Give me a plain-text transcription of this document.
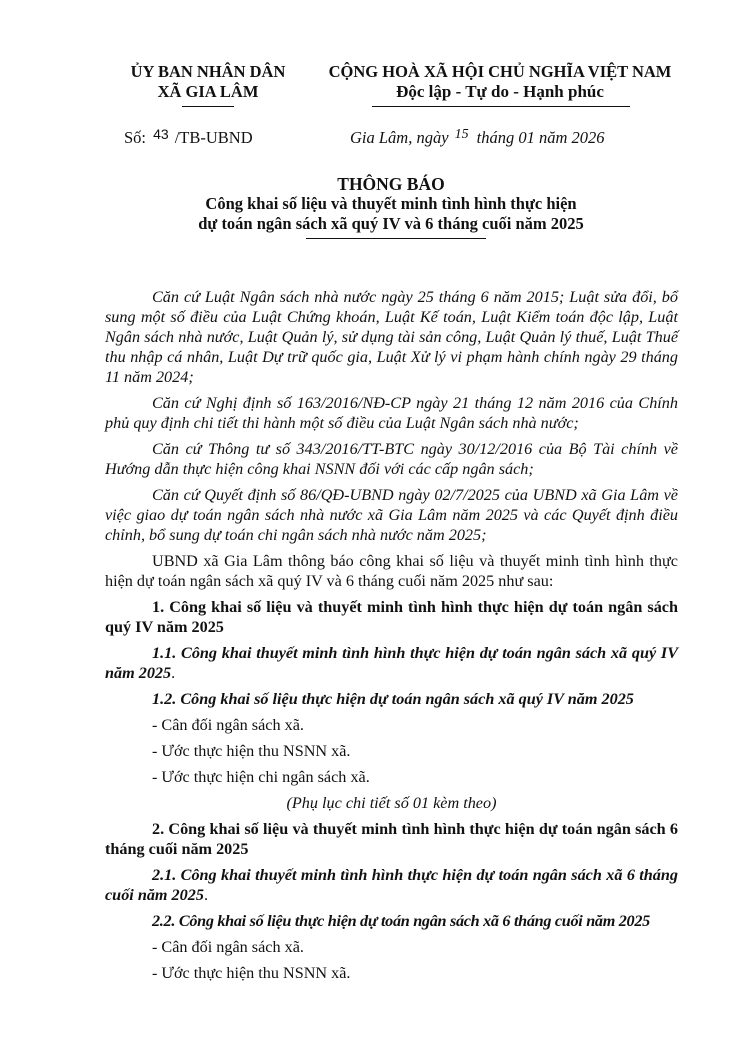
ỦY BAN NHÂN DÂN
XÃ GIA LÂM
CỘNG HOÀ XÃ HỘI CHỦ NGHĨA VIỆT NAM
Độc lập - Tự do - Hạnh phúc
Số: $^{43}$ /TB-UBND	Gia Lâm, ngày $^{15}$ tháng 01 năm 2026
THÔNG BÁO
Công khai số liệu và thuyết minh tình hình thực hiện
dự toán ngân sách xã quý IV và 6 tháng cuối năm 2025

Căn cứ Luật Ngân sách nhà nước ngày 25 tháng 6 năm 2015; Luật sửa đổi, bổ sung một số điều của Luật Chứng khoán, Luật Kế toán, Luật Kiểm toán độc lập, Luật Ngân sách nhà nước, Luật Quản lý, sử dụng tài sản công, Luật Quản lý thuế, Luật Thuế thu nhập cá nhân, Luật Dự trữ quốc gia, Luật Xử lý vi phạm hành chính ngày 29 tháng 11 năm 2024;

Căn cứ Nghị định số 163/2016/NĐ-CP ngày 21 tháng 12 năm 2016 của Chính phủ quy định chi tiết thi hành một số điều của Luật Ngân sách nhà nước;

Căn cứ Thông tư số 343/2016/TT-BTC ngày 30/12/2016 của Bộ Tài chính về Hướng dẫn thực hiện công khai NSNN đối với các cấp ngân sách;

Căn cứ Quyết định số 86/QĐ-UBND ngày 02/7/2025 của UBND xã Gia Lâm về việc giao dự toán ngân sách nhà nước xã Gia Lâm năm 2025 và các Quyết định điều chỉnh, bổ sung dự toán chi ngân sách nhà nước năm 2025;

UBND xã Gia Lâm thông báo công khai số liệu và thuyết minh tình hình thực hiện dự toán ngân sách xã quý IV và 6 tháng cuối năm 2025 như sau:

1. Công khai số liệu và thuyết minh tình hình thực hiện dự toán ngân sách quý IV năm 2025

1.1. Công khai thuyết minh tình hình thực hiện dự toán ngân sách xã quý IV năm 2025.

1.2. Công khai số liệu thực hiện dự toán ngân sách xã quý IV năm 2025

- Cân đối ngân sách xã.

- Ước thực hiện thu NSNN xã.

- Ước thực hiện chi ngân sách xã.

(Phụ lục chi tiết số 01 kèm theo)

2. Công khai số liệu và thuyết minh tình hình thực hiện dự toán ngân sách 6 tháng cuối năm 2025

2.1. Công khai thuyết minh tình hình thực hiện dự toán ngân sách xã 6 tháng cuối năm 2025.

2.2. Công khai số liệu thực hiện dự toán ngân sách xã 6 tháng cuối năm 2025

- Cân đối ngân sách xã.

- Ước thực hiện thu NSNN xã.
